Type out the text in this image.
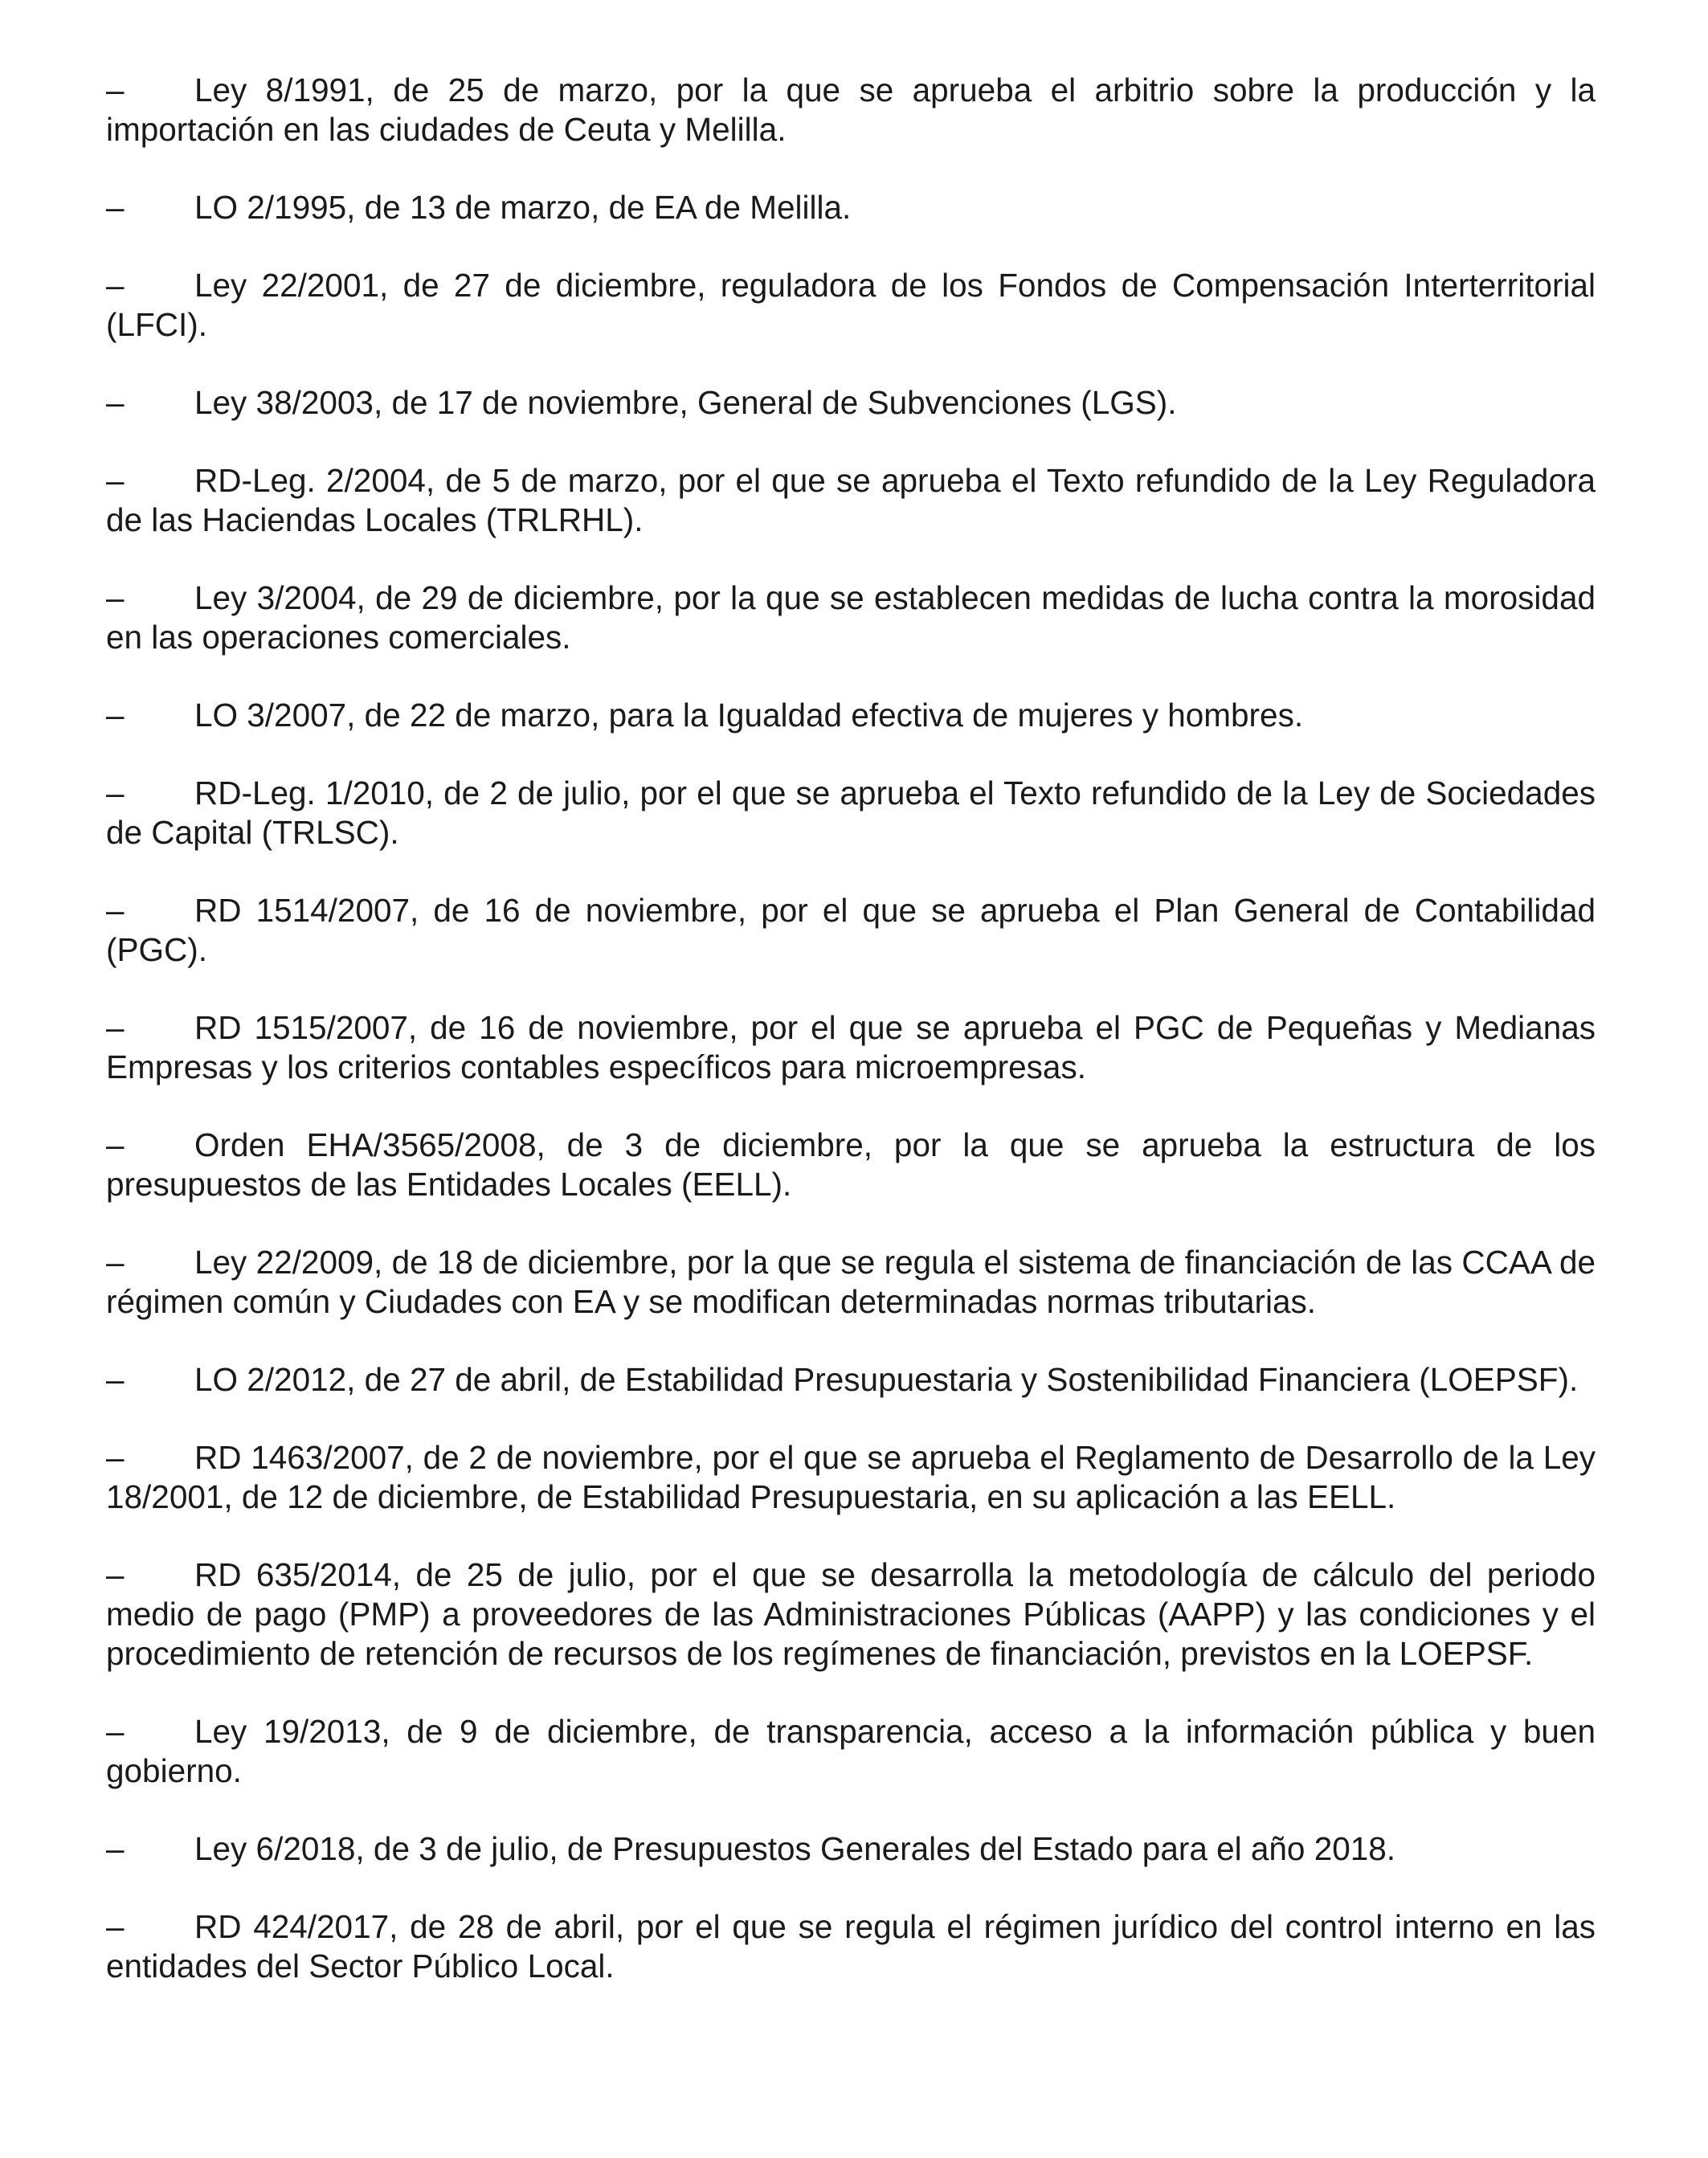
– Ley 8/1991, de 25 de marzo, por la que se aprueba el arbitrio sobre la producción y la importación en las ciudades de Ceuta y Melilla.
– LO 2/1995, de 13 de marzo, de EA de Melilla.
– Ley 22/2001, de 27 de diciembre, reguladora de los Fondos de Compensación Interterritorial (LFCI).
– Ley 38/2003, de 17 de noviembre, General de Subvenciones (LGS).
– RD-Leg. 2/2004, de 5 de marzo, por el que se aprueba el Texto refundido de la Ley Reguladora de las Haciendas Locales (TRLRHL).
– Ley 3/2004, de 29 de diciembre, por la que se establecen medidas de lucha contra la morosidad en las operaciones comerciales.
– LO 3/2007, de 22 de marzo, para la Igualdad efectiva de mujeres y hombres.
– RD-Leg. 1/2010, de 2 de julio, por el que se aprueba el Texto refundido de la Ley de Sociedades de Capital (TRLSC).
– RD 1514/2007, de 16 de noviembre, por el que se aprueba el Plan General de Contabilidad (PGC).
– RD 1515/2007, de 16 de noviembre, por el que se aprueba el PGC de Pequeñas y Medianas Empresas y los criterios contables específicos para microempresas.
– Orden EHA/3565/2008, de 3 de diciembre, por la que se aprueba la estructura de los presupuestos de las Entidades Locales (EELL).
– Ley 22/2009, de 18 de diciembre, por la que se regula el sistema de financiación de las CCAA de régimen común y Ciudades con EA y se modifican determinadas normas tributarias.
– LO 2/2012, de 27 de abril, de Estabilidad Presupuestaria y Sostenibilidad Financiera (LOEPSF).
– RD 1463/2007, de 2 de noviembre, por el que se aprueba el Reglamento de Desarrollo de la Ley 18/2001, de 12 de diciembre, de Estabilidad Presupuestaria, en su aplicación a las EELL.
– RD 635/2014, de 25 de julio, por el que se desarrolla la metodología de cálculo del periodo medio de pago (PMP) a proveedores de las Administraciones Públicas (AAPP) y las condiciones y el procedimiento de retención de recursos de los regímenes de financiación, previstos en la LOEPSF.
– Ley 19/2013, de 9 de diciembre, de transparencia, acceso a la información pública y buen gobierno.
– Ley 6/2018, de 3 de julio, de Presupuestos Generales del Estado para el año 2018.
– RD 424/2017, de 28 de abril, por el que se regula el régimen jurídico del control interno en las entidades del Sector Público Local.
